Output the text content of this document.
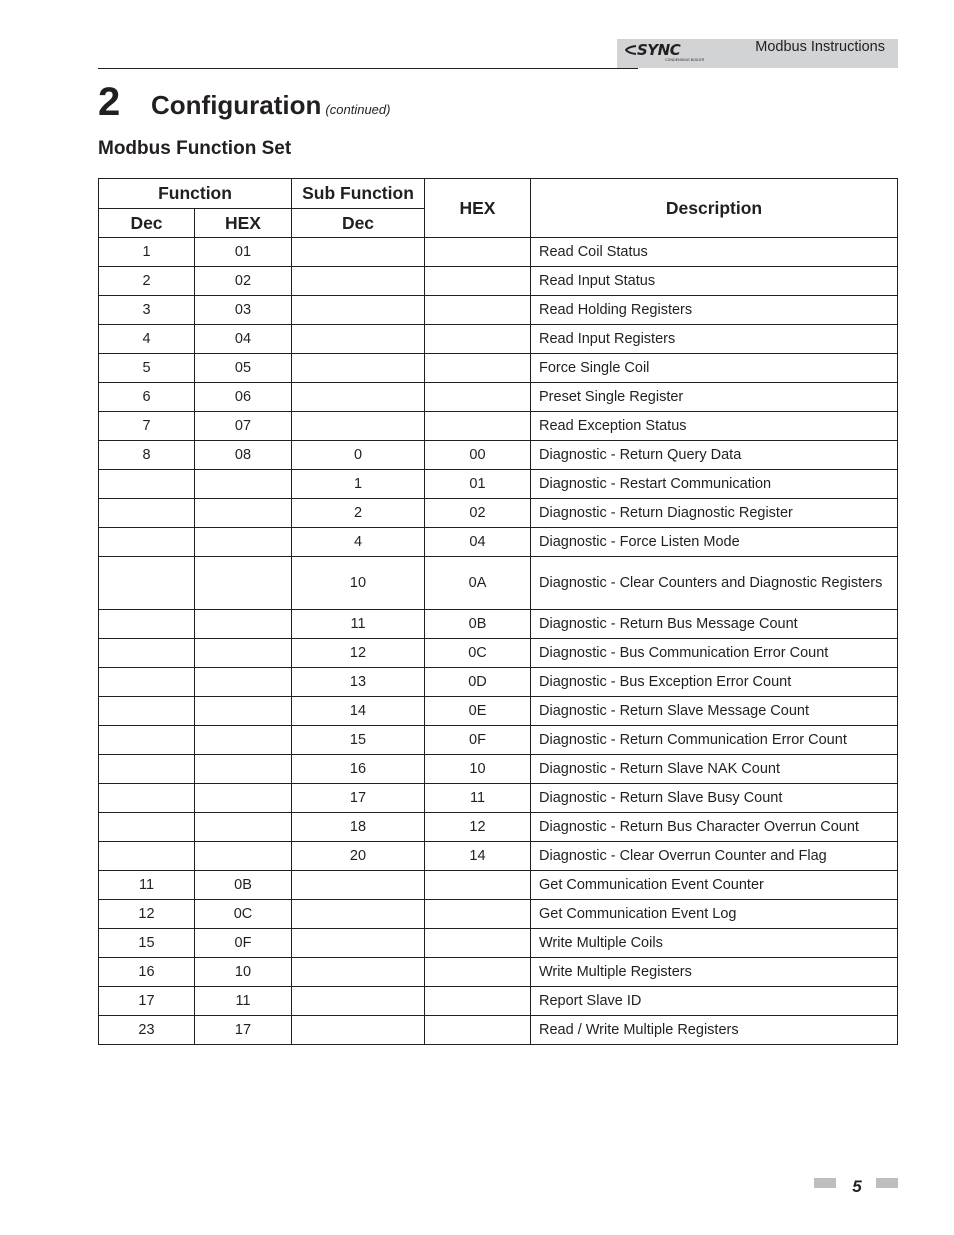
SYNC
CONDENSING BOILER
Modbus Instructions
2 Configuration (continued)
Modbus Function Set
Function		Sub Function	HEX	Description
Dec	HEX	Dec		
1	01			Read Coil Status
2	02			Read Input Status
3	03			Read Holding Registers
4	04			Read Input Registers
5	05			Force Single Coil
6	06			Preset Single Register
7	07			Read Exception Status
8	08	0	00	Diagnostic - Return Query Data
		1	01	Diagnostic - Restart Communication
		2	02	Diagnostic - Return Diagnostic Register
		4	04	Diagnostic - Force Listen Mode
		10	0A	Diagnostic - Clear Counters and Diagnostic Registers
		11	0B	Diagnostic - Return Bus Message Count
		12	0C	Diagnostic - Bus Communication Error Count
		13	0D	Diagnostic - Bus Exception Error Count
		14	0E	Diagnostic - Return Slave Message Count
		15	0F	Diagnostic - Return Communication Error Count
		16	10	Diagnostic - Return Slave NAK Count
		17	11	Diagnostic - Return Slave Busy Count
		18	12	Diagnostic - Return Bus Character Overrun Count
		20	14	Diagnostic - Clear Overrun Counter and Flag
11	0B			Get Communication Event Counter
12	0C			Get Communication Event Log
15	0F			Write Multiple Coils
16	10			Write Multiple Registers
17	11			Report Slave ID
23	17			Read / Write Multiple Registers
5
